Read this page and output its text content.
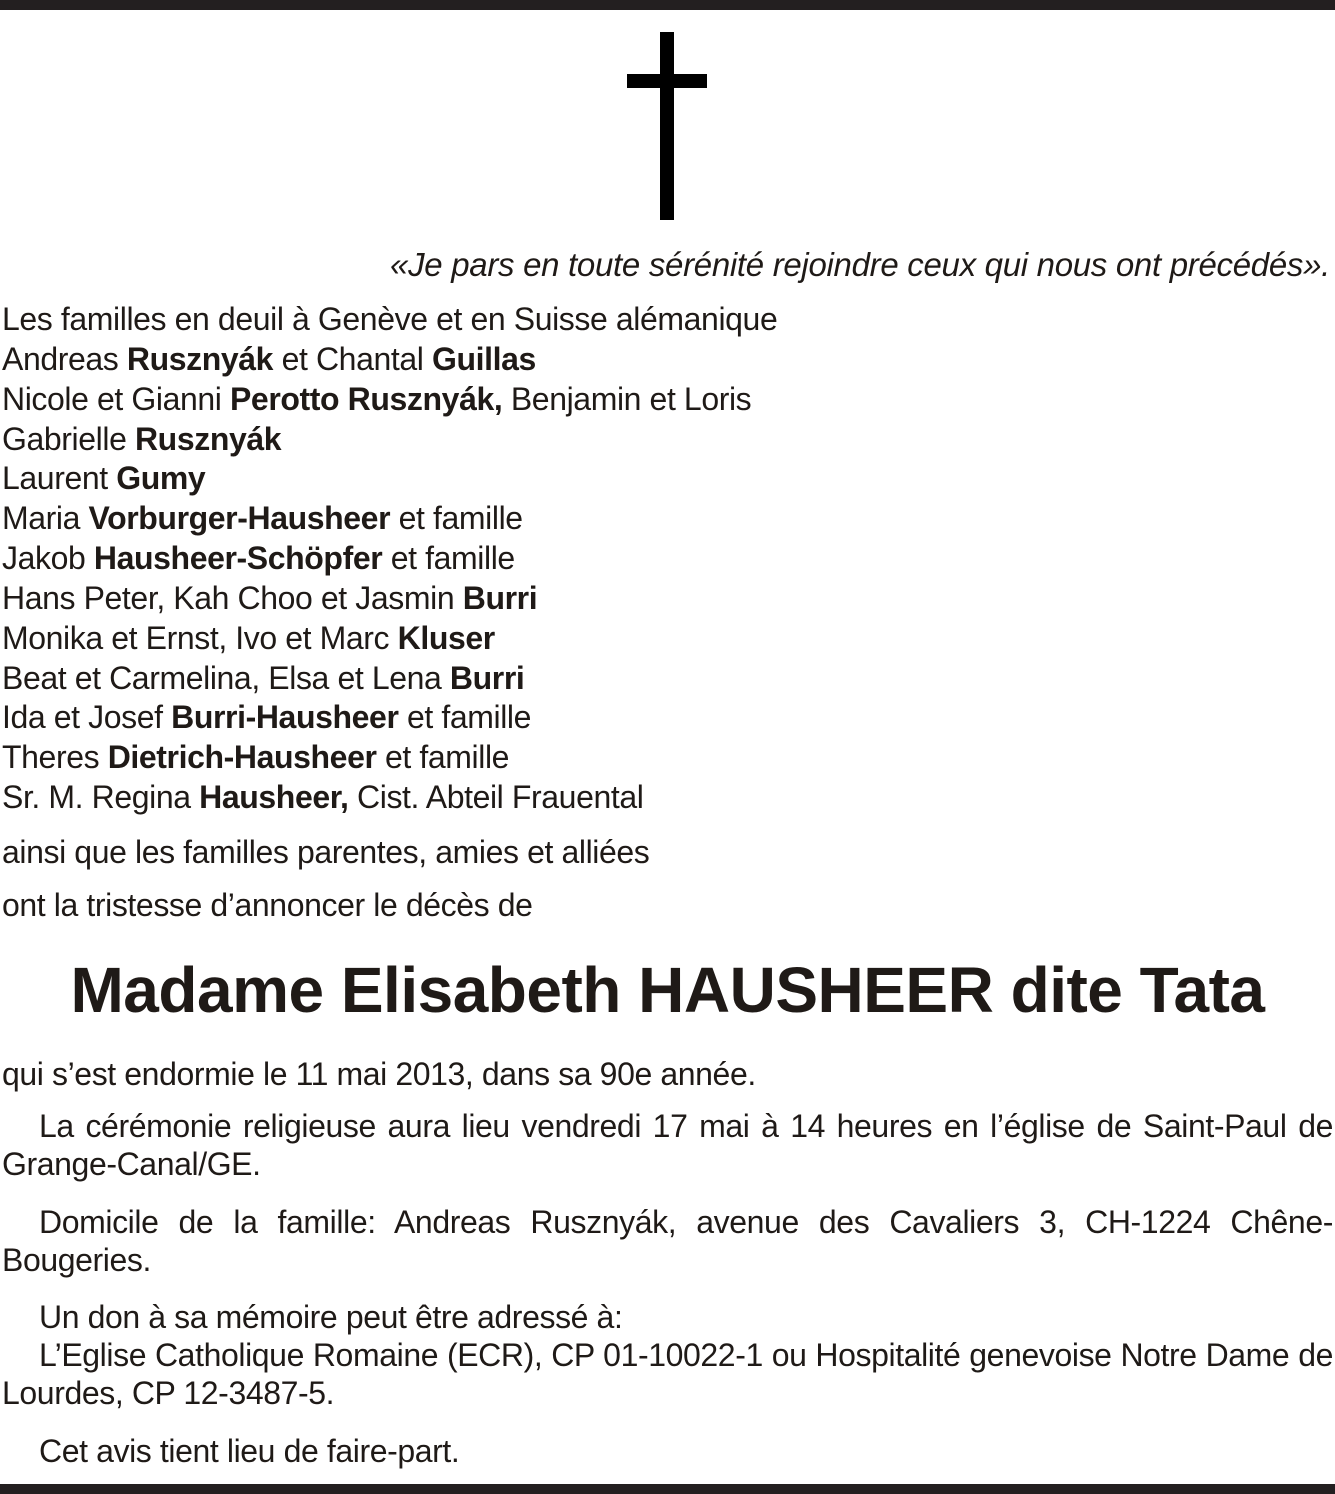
«Je pars en toute sérénité rejoindre ceux qui nous ont précédés».
Les familles en deuil à Genève et en Suisse alémanique
Andreas Rusznyák et Chantal Guillas
Nicole et Gianni Perotto Rusznyák, Benjamin et Loris
Gabrielle Rusznyák
Laurent Gumy
Maria Vorburger-Hausheer et famille
Jakob Hausheer-Schöpfer et famille
Hans Peter, Kah Choo et Jasmin Burri
Monika et Ernst, Ivo et Marc Kluser
Beat et Carmelina, Elsa et Lena Burri
Ida et Josef Burri-Hausheer et famille
Theres Dietrich-Hausheer et famille
Sr. M. Regina Hausheer, Cist. Abteil Frauental
ainsi que les familles parentes, amies et alliées
ont la tristesse d’annoncer le décès de
Madame Elisabeth HAUSHEER dite Tata
qui s’est endormie le 11 mai 2013, dans sa 90e année.

La cérémonie religieuse aura lieu vendredi 17 mai à 14 heures en l’église de Saint-Paul de Grange-Canal/GE.

Domicile de la famille: Andreas Rusznyák, avenue des Cavaliers 3, CH-1224 Chêne-Bougeries.

Un don à sa mémoire peut être adressé à:

L’Eglise Catholique Romaine (ECR), CP 01-10022-1 ou Hospitalité genevoise Notre Dame de Lourdes, CP 12-3487-5.

Cet avis tient lieu de faire-part.
